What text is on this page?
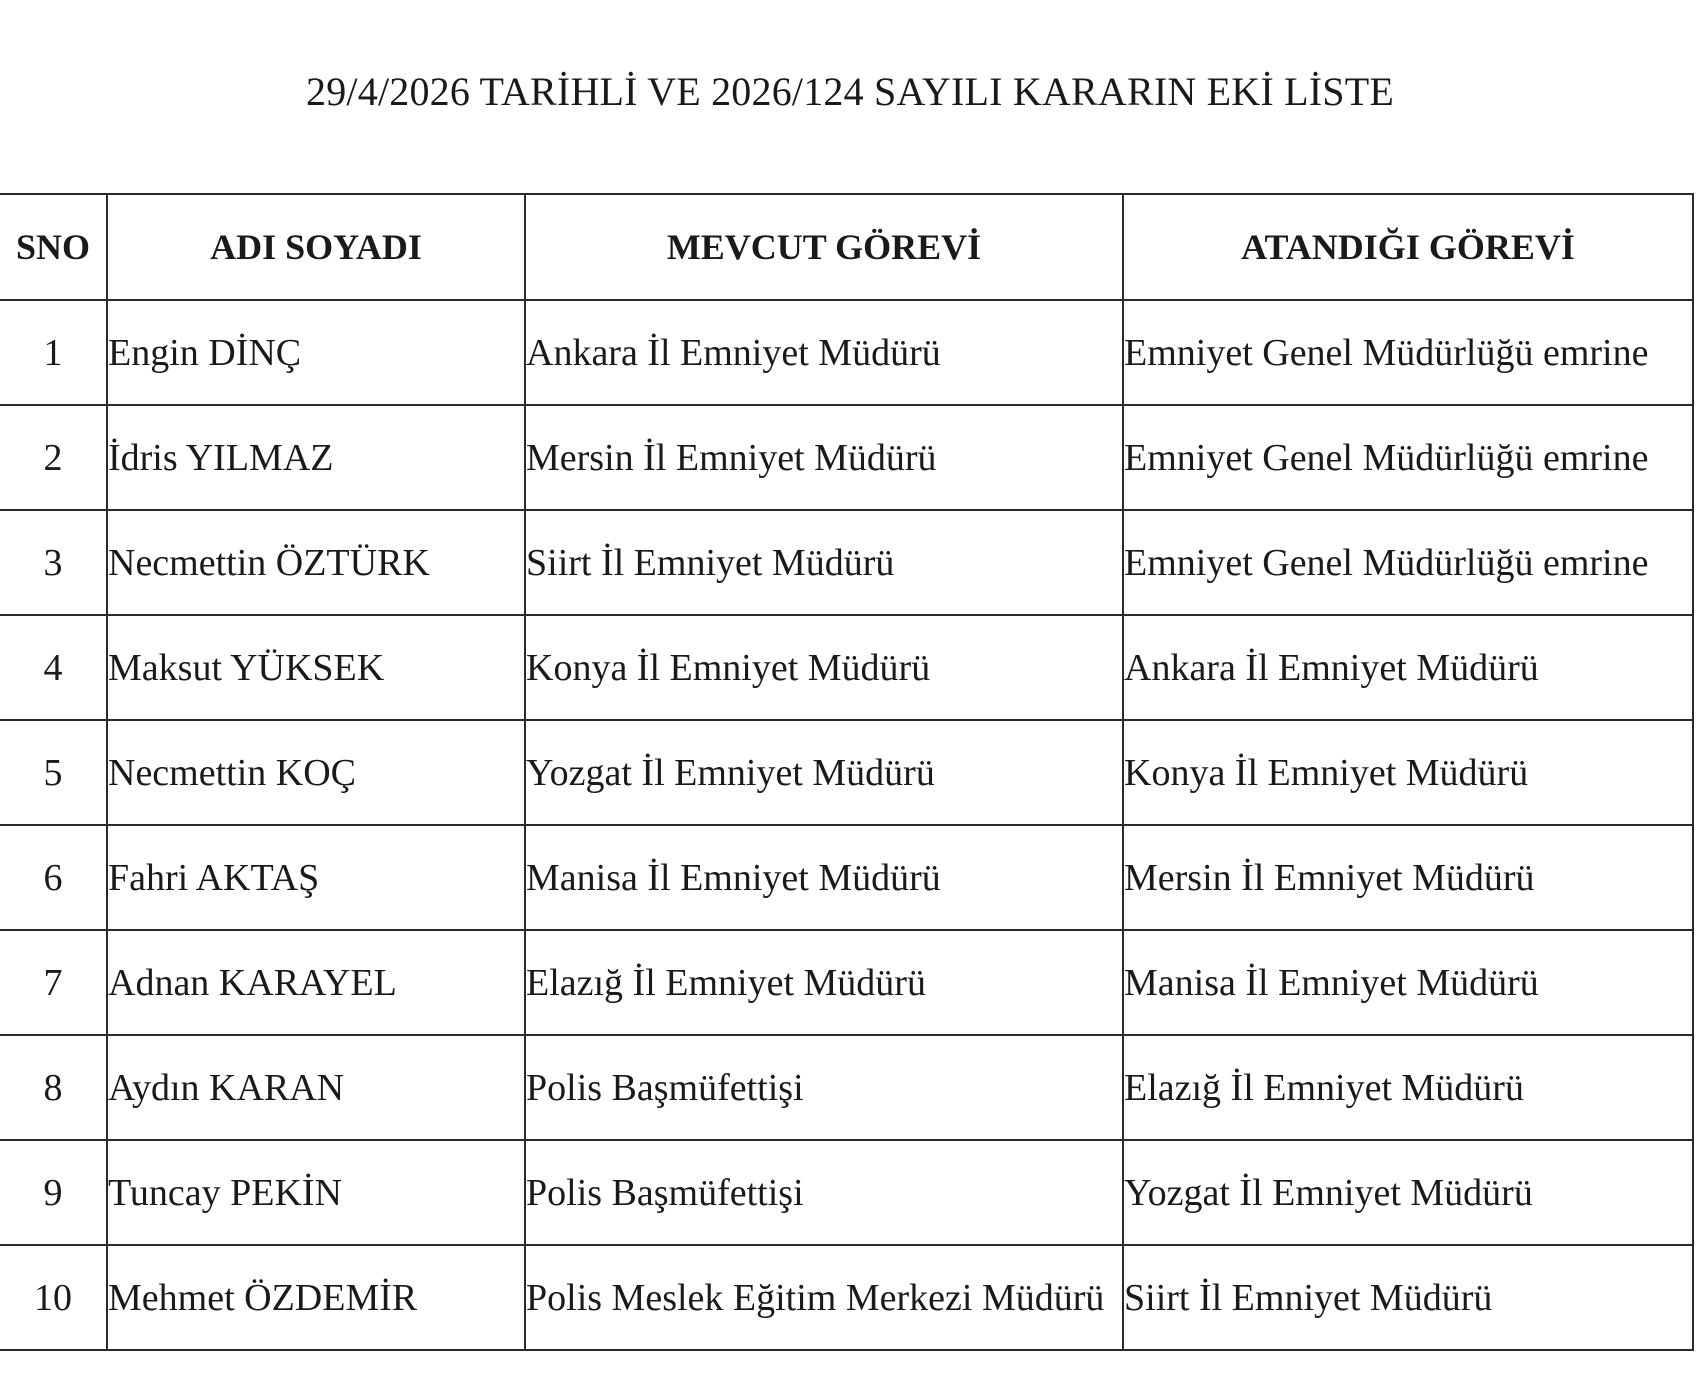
29/4/2026 TARİHLİ VE 2026/124 SAYILI KARARIN EKİ LİSTE
SNO	ADI SOYADI	MEVCUT GÖREVİ	ATANDIĞI GÖREVİ
1	Engin DİNÇ	Ankara İl Emniyet Müdürü	Emniyet Genel Müdürlüğü emrine
2	İdris YILMAZ	Mersin İl Emniyet Müdürü	Emniyet Genel Müdürlüğü emrine
3	Necmettin ÖZTÜRK	Siirt İl Emniyet Müdürü	Emniyet Genel Müdürlüğü emrine
4	Maksut YÜKSEK	Konya İl Emniyet Müdürü	Ankara İl Emniyet Müdürü
5	Necmettin KOÇ	Yozgat İl Emniyet Müdürü	Konya İl Emniyet Müdürü
6	Fahri AKTAŞ	Manisa İl Emniyet Müdürü	Mersin İl Emniyet Müdürü
7	Adnan KARAYEL	Elazığ İl Emniyet Müdürü	Manisa İl Emniyet Müdürü
8	Aydın KARAN	Polis Başmüfettişi	Elazığ İl Emniyet Müdürü
9	Tuncay PEKİN	Polis Başmüfettişi	Yozgat İl Emniyet Müdürü
10	Mehmet ÖZDEMİR	Polis Meslek Eğitim Merkezi Müdürü	Siirt İl Emniyet Müdürü
